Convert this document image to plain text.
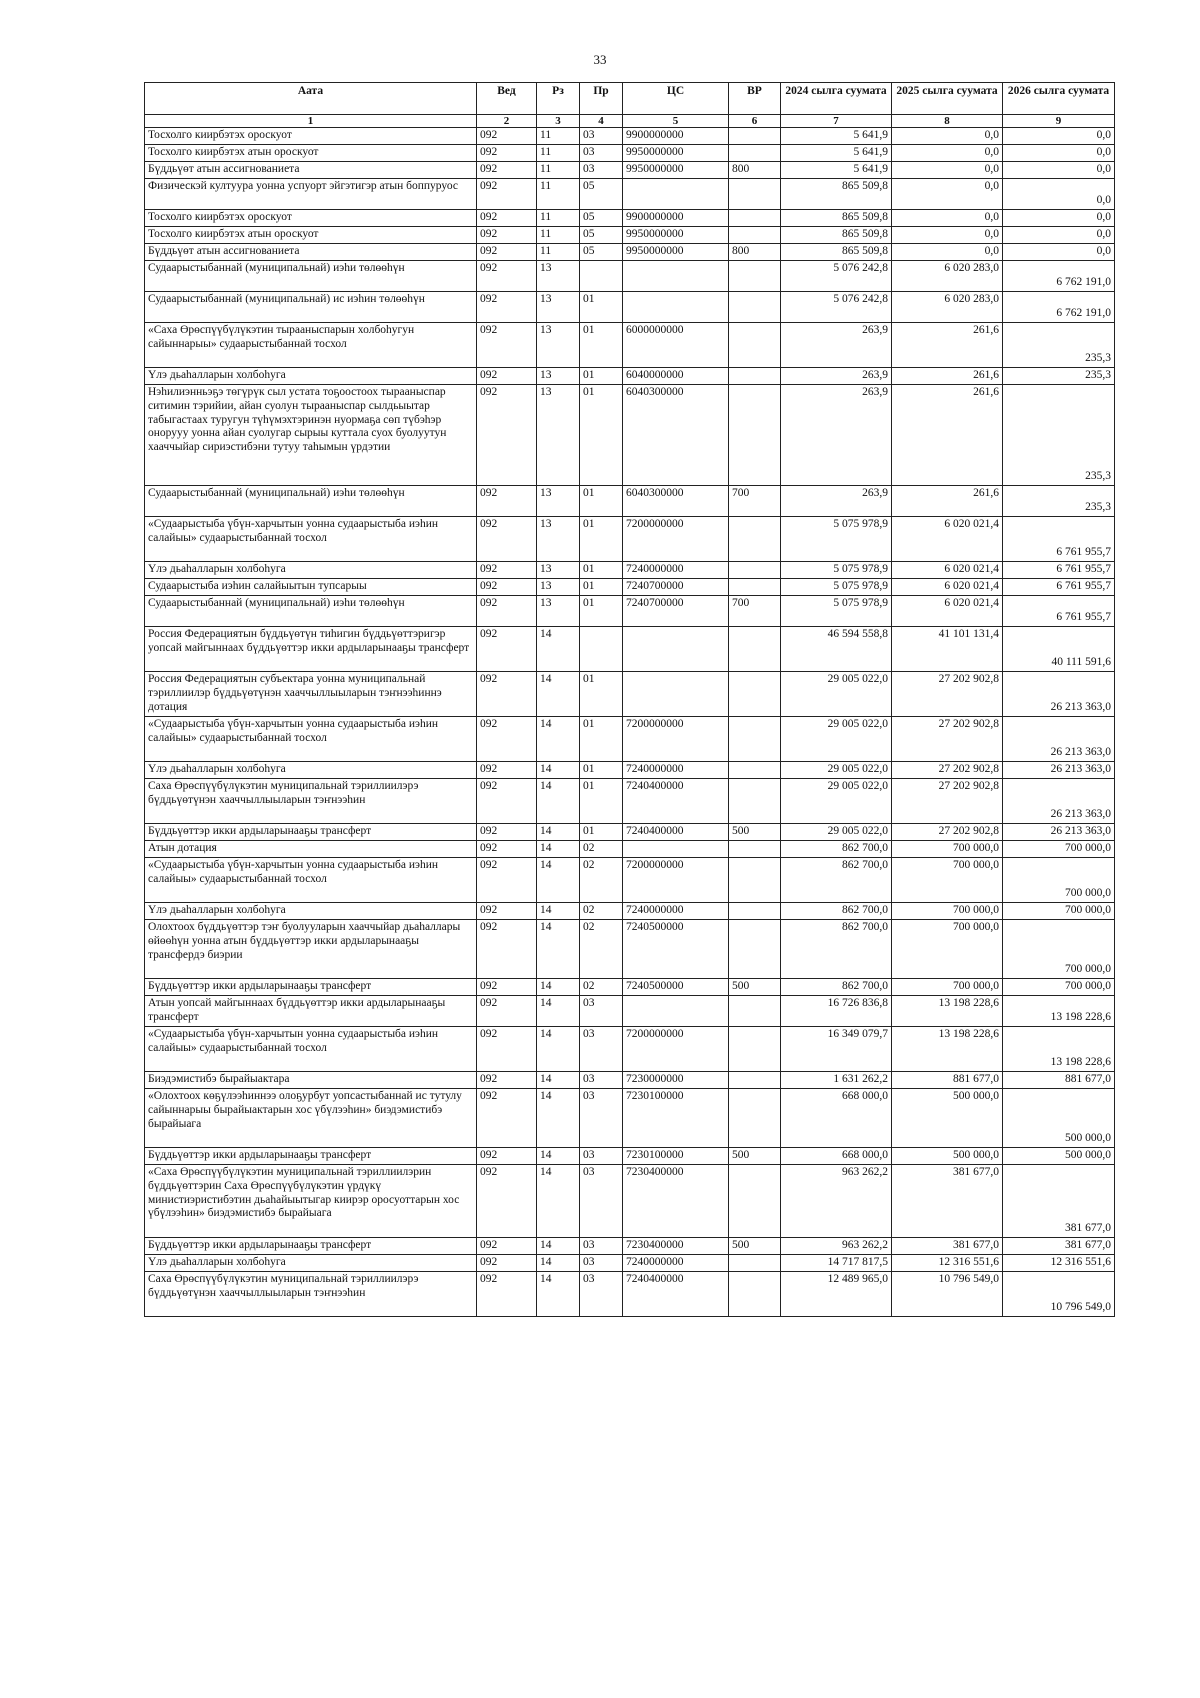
33
Аата	Вед	Рз	Пр	ЦС	ВР	2024 сылга суумата	2025 сылга суумата	2026 сылга суумата
1	2	3	4	5	6	7	8	9
Тосхолго киирбэтэх ороскуот	092	11	03	9900000000		5 641,9	0,0	0,0
Тосхолго киирбэтэх атын ороскуот	092	11	03	9950000000		5 641,9	0,0	0,0
Бүддьүөт атын ассигнованиета	092	11	03	9950000000	800	5 641,9	0,0	0,0
Физическэй култуура уонна успуорт эйгэтигэр атын боппуруос	092	11	05			865 509,8	0,0	0,0
Тосхолго киирбэтэх ороскуот	092	11	05	9900000000		865 509,8	0,0	0,0
Тосхолго киирбэтэх атын ороскуот	092	11	05	9950000000		865 509,8	0,0	0,0
Бүддьүөт атын ассигнованиета	092	11	05	9950000000	800	865 509,8	0,0	0,0
Судаарыстыбаннай (муниципальнай) иэһи төлөөһүн	092	13				5 076 242,8	6 020 283,0	6 762 191,0
Судаарыстыбаннай (муниципальнай) ис иэһин төлөөһүн	092	13	01			5 076 242,8	6 020 283,0	6 762 191,0
«Саха Өрөспүүбүлүкэтин тырааныспарын холбоһугун сайыннарыы» судаарыстыбаннай тосхол	092	13	01	6000000000		263,9	261,6	235,3
Үлэ дьаһалларын холбоһуга	092	13	01	6040000000		263,9	261,6	235,3
Нэһилиэнньэҕэ төгүрүк сыл устата тоҕоостоох тырааныспар ситимин тэрийии, айан суолун тырааныспар сылдьыытар табыгастаах туругун түһүмэхтэринэн нуормаҕа сөп түбэһэр онорууу уонна айан суолугар сырыы куттала суох буолуутун хааччыйар сириэстибэни тутуу таһымын үрдэтии	092	13	01	6040300000		263,9	261,6	235,3
Судаарыстыбаннай (муниципальнай) иэһи төлөөһүн	092	13	01	6040300000	700	263,9	261,6	235,3
«Судаарыстыба үбүн-харчытын уонна судаарыстыба иэһин салайыы» судаарыстыбаннай тосхол	092	13	01	7200000000		5 075 978,9	6 020 021,4	6 761 955,7
Үлэ дьаһалларын холбоһуга	092	13	01	7240000000		5 075 978,9	6 020 021,4	6 761 955,7
Судаарыстыба иэһин салайыытын тупсарыы	092	13	01	7240700000		5 075 978,9	6 020 021,4	6 761 955,7
Судаарыстыбаннай (муниципальнай) иэһи төлөөһүн	092	13	01	7240700000	700	5 075 978,9	6 020 021,4	6 761 955,7
Россия Федерациятын бүддьүөтүн тиһигин бүддьүөттэригэр уопсай майгыннаах бүддьүөттэр икки ардыларынааҕы трансферт	092	14				46 594 558,8	41 101 131,4	40 111 591,6
Россия Федерациятын субъектара уонна муниципальнай тэриллиилэр бүддьүөтүнэн хааччыллыыларын тэҥнээһиннэ дотация	092	14	01			29 005 022,0	27 202 902,8	26 213 363,0
«Судаарыстыба үбүн-харчытын уонна судаарыстыба иэһин салайыы» судаарыстыбаннай тосхол	092	14	01	7200000000		29 005 022,0	27 202 902,8	26 213 363,0
Үлэ дьаһалларын холбоһуга	092	14	01	7240000000		29 005 022,0	27 202 902,8	26 213 363,0
Саха Өрөспүүбүлүкэтин муниципальнай тэриллиилэрэ бүддьүөтүнэн хааччыллыыларын тэҥнээһин	092	14	01	7240400000		29 005 022,0	27 202 902,8	26 213 363,0
Бүддьүөттэр икки ардыларынааҕы трансферт	092	14	01	7240400000	500	29 005 022,0	27 202 902,8	26 213 363,0
Атын дотация	092	14	02			862 700,0	700 000,0	700 000,0
«Судаарыстыба үбүн-харчытын уонна судаарыстыба иэһин салайыы» судаарыстыбаннай тосхол	092	14	02	7200000000		862 700,0	700 000,0	700 000,0
Үлэ дьаһалларын холбоһуга	092	14	02	7240000000		862 700,0	700 000,0	700 000,0
Олохтоох бүддьүөттэр тэҥ буолууларын хааччыйар дьаһаллары өйөөһүн уонна атын бүддьүөттэр икки ардыларынааҕы трансфердэ биэрии	092	14	02	7240500000		862 700,0	700 000,0	700 000,0
Бүддьүөттэр икки ардыларынааҕы трансферт	092	14	02	7240500000	500	862 700,0	700 000,0	700 000,0
Атын уопсай майгыннаах бүддьүөттэр икки ардыларынааҕы трансферт	092	14	03			16 726 836,8	13 198 228,6	13 198 228,6
«Судаарыстыба үбүн-харчытын уонна судаарыстыба иэһин салайыы» судаарыстыбаннай тосхол	092	14	03	7200000000		16 349 079,7	13 198 228,6	13 198 228,6
Биэдэмистибэ бырайыактара	092	14	03	7230000000		1 631 262,2	881 677,0	881 677,0
«Олохтоох көҕүлээһиннээ олоҕурбут уопсастыбаннай ис тутулу сайыннарыы бырайыактарын хос үбүлээһин» биэдэмистибэ бырайыага	092	14	03	7230100000		668 000,0	500 000,0	500 000,0
Бүддьүөттэр икки ардыларынааҕы трансферт	092	14	03	7230100000	500	668 000,0	500 000,0	500 000,0
«Саха Өрөспүүбүлүкэтин муниципальнай тэриллиилэрин бүддьүөттэрин Саха Өрөспүүбүлүкэтин үрдүкү министиэристибэтин дьаһайыытыгар киирэр оросуоттарын хос үбүлээһин» биэдэмистибэ бырайыага	092	14	03	7230400000		963 262,2	381 677,0	381 677,0
Бүддьүөттэр икки ардыларынааҕы трансферт	092	14	03	7230400000	500	963 262,2	381 677,0	381 677,0
Үлэ дьаһалларын холбоһуга	092	14	03	7240000000		14 717 817,5	12 316 551,6	12 316 551,6
Саха Өрөспүүбүлүкэтин муниципальнай тэриллиилэрэ бүддьүөтүнэн хааччыллыыларын тэҥнээһин	092	14	03	7240400000		12 489 965,0	10 796 549,0	10 796 549,0
